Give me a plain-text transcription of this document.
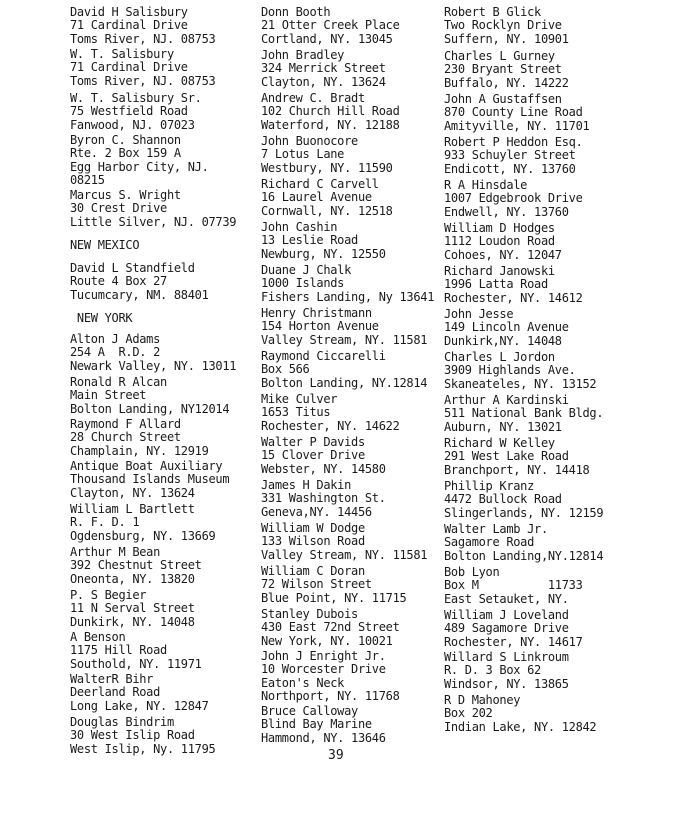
David H Salisbury
71 Cardinal Drive
Toms River, NJ. 08753
W. T. Salisbury
71 Cardinal Drive
Toms River, NJ. 08753
W. T. Salisbury Sr.
75 Westfield Road
Fanwood, NJ. 07023
Byron C. Shannon
Rte. 2 Box 159 A
Egg Harbor City, NJ.
08215
Marcus S. Wright
30 Crest Drive
Little Silver, NJ. 07739
NEW MEXICO
David L Standfield
Route 4 Box 27
Tucumcary, NM. 88401
NEW YORK
Alton J Adams
254 A  R.D. 2
Newark Valley, NY. 13011
Ronald R Alcan
Main Street
Bolton Landing, NY12014
Raymond F Allard
28 Church Street
Champlain, NY. 12919
Antique Boat Auxiliary
Thousand Islands Museum
Clayton, NY. 13624
William L Bartlett
R. F. D. 1
Ogdensburg, NY. 13669
Arthur M Bean
392 Chestnut Street
Oneonta, NY. 13820
P. S Begier
11 N Serval Street
Dunkirk, NY. 14048
A Benson
1175 Hill Road
Southold, NY. 11971
WalterR Bihr
Deerland Road
Long Lake, NY. 12847
Douglas Bindrim
30 West Islip Road
West Islip, Ny. 11795
Donn Booth
21 Otter Creek Place
Cortland, NY. 13045
John Bradley
324 Merrick Street
Clayton, NY. 13624
Andrew C. Bradt
102 Church Hill Road
Waterford, NY. 12188
John Buonocore
7 Lotus Lane
Westbury, NY. 11590
Richard C Carvell
16 Laurel Avenue
Cornwall, NY. 12518
John Cashin
13 Leslie Road
Newburg, NY. 12550
Duane J Chalk
1000 Islands
Fishers Landing, Ny 13641
Henry Christmann
154 Horton Avenue
Valley Stream, NY. 11581
Raymond Ciccarelli
Box 566
Bolton Landing, NY.12814
Mike Culver
1653 Titus
Rochester, NY. 14622
Walter P Davids
15 Clover Drive
Webster, NY. 14580
James H Dakin
331 Washington St.
Geneva,NY. 14456
William W Dodge
133 Wilson Road
Valley Stream, NY. 11581
William C Doran
72 Wilson Street
Blue Point, NY. 11715
Stanley Dubois
430 East 72nd Street
New York, NY. 10021
John J Enright Jr.
10 Worcester Drive
Eaton's Neck
Northport, NY. 11768
Bruce Calloway
Blind Bay Marine
Hammond, NY. 13646
Robert B Glick
Two Rocklyn Drive
Suffern, NY. 10901
Charles L Gurney
230 Bryant Street
Buffalo, NY. 14222
John A Gustaffsen
870 County Line Road
Amityville, NY. 11701
Robert P Heddon Esq.
933 Schuyler Street
Endicott, NY. 13760
R A Hinsdale
1007 Edgebrook Drive
Endwell, NY. 13760
William D Hodges
1112 Loudon Road
Cohoes, NY. 12047
Richard Janowski
1996 Latta Road
Rochester, NY. 14612
John Jesse
149 Lincoln Avenue
Dunkirk,NY. 14048
Charles L Jordon
3909 Highlands Ave.
Skaneateles, NY. 13152
Arthur A Kardinski
511 National Bank Bldg.
Auburn, NY. 13021
Richard W Kelley
291 West Lake Road
Branchport, NY. 14418
Phillip Kranz
4472 Bullock Road
Slingerlands, NY. 12159
Walter Lamb Jr.
Sagamore Road
Bolton Landing,NY.12814
Bob Lyon
Box M          11733
East Setauket, NY.
William J Loveland
489 Sagamore Drive
Rochester, NY. 14617
Willard S Linkroum
R. D. 3 Box 62
Windsor, NY. 13865
R D Mahoney
Box 202
Indian Lake, NY. 12842
39
